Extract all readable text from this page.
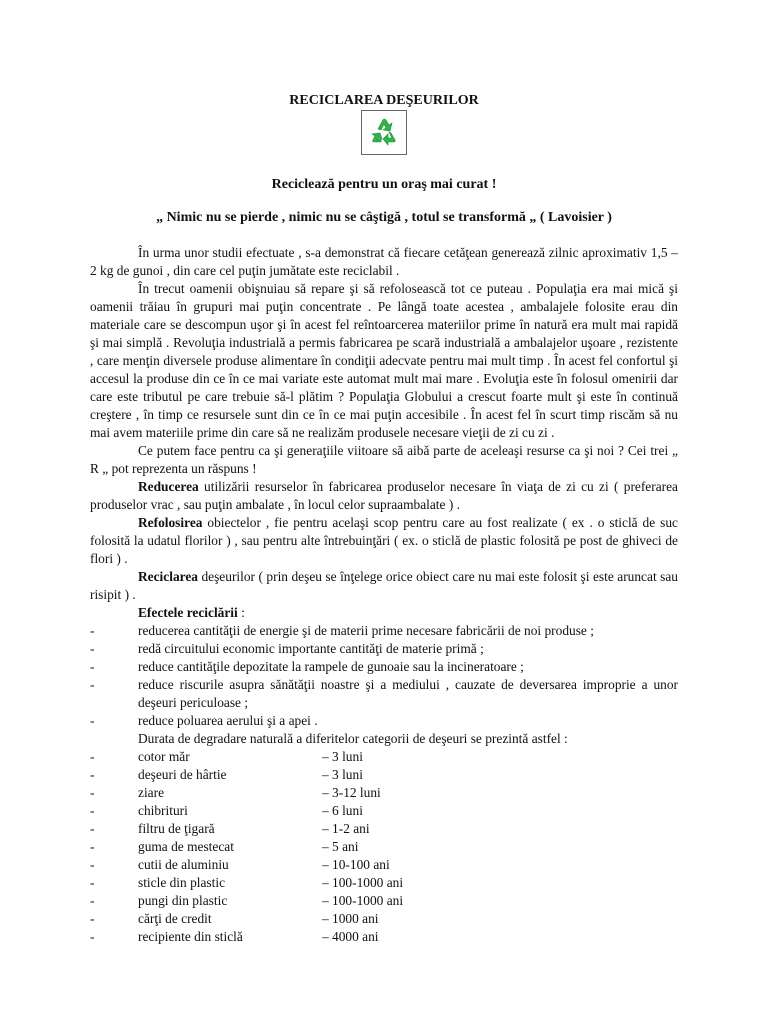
RECICLAREA DEŞEURILOR
Reciclează pentru un oraş mai curat !
„ Nimic nu se pierde , nimic nu se câştigă , totul se transformă „ ( Lavoisier )

În urma unor studii efectuate , s-a demonstrat că fiecare cetăţean generează zilnic aproximativ 1,5 – 2 kg de gunoi , din care cel puţin jumătate este reciclabil .

În trecut oamenii obişnuiau să repare şi să refolosească tot ce puteau . Populaţia era mai mică şi oamenii trăiau în grupuri mai puţin concentrate . Pe lângă toate acestea , ambalajele folosite erau din materiale care se descompun uşor şi în acest fel reîntoarcerea materiilor prime în natură era mult mai rapidă şi mai simplă . Revoluţia industrială a permis fabricarea pe scară industrială a ambalajelor uşoare , rezistente , care menţin diversele produse alimentare în condiţii adecvate pentru mai mult timp . În acest fel confortul şi accesul la produse din ce în ce mai variate este automat mult mai mare . Evoluţia este în folosul omenirii dar care este tributul pe care trebuie să-l plătim ? Populaţia Globului a crescut foarte mult şi este în continuă creştere , în timp ce resursele sunt din ce în ce mai puţin accesibile . În acest fel în scurt timp riscăm să nu mai avem materiile prime din care să ne realizăm produsele necesare vieţii de zi cu zi .

Ce putem face pentru ca şi generaţiile viitoare să aibă parte de aceleaşi resurse ca şi noi ? Cei trei „ R „ pot reprezenta un răspuns !

Reducerea utilizării resurselor în fabricarea produselor necesare în viaţa de zi cu zi ( preferarea produselor vrac , sau puţin ambalate , în locul celor supraambalate ) .

Refolosirea obiectelor , fie pentru acelaşi scop pentru care au fost realizate ( ex . o sticlă de suc folosită la udatul florilor ) , sau pentru alte întrebuinţări ( ex. o sticlă de plastic folosită pe post de ghiveci de flori ) .

Reciclarea deşeurilor ( prin deşeu se înţelege orice obiect care nu mai este folosit şi este aruncat sau risipit ) .

Efectele reciclării :

- reducerea cantităţii de energie şi de materii prime necesare fabricării de noi produse ;
- redă circuitului economic importante cantităţi de materie primă ;
- reduce cantităţile depozitate la rampele de gunoaie sau la incineratoare ;
- reduce riscurile asupra sănătăţii noastre şi a mediului , cauzate de deversarea improprie a unor deşeuri periculoase ;
- reduce poluarea aerului şi a apei .

Durata de degradare naturală a diferitelor categorii de deşeuri se prezintă astfel :

-	cotor măr	– 3 luni
-	deşeuri de hârtie	– 3 luni
-	ziare	– 3-12 luni
-	chibrituri	– 6 luni
-	filtru de ţigară	– 1-2 ani
-	guma de mestecat	– 5 ani
-	cutii de aluminiu	– 10-100 ani
-	sticle din plastic	– 100-1000 ani
-	pungi din plastic	– 100-1000 ani
-	cărţi de credit	– 1000 ani
-	recipiente din sticlă	– 4000 ani
